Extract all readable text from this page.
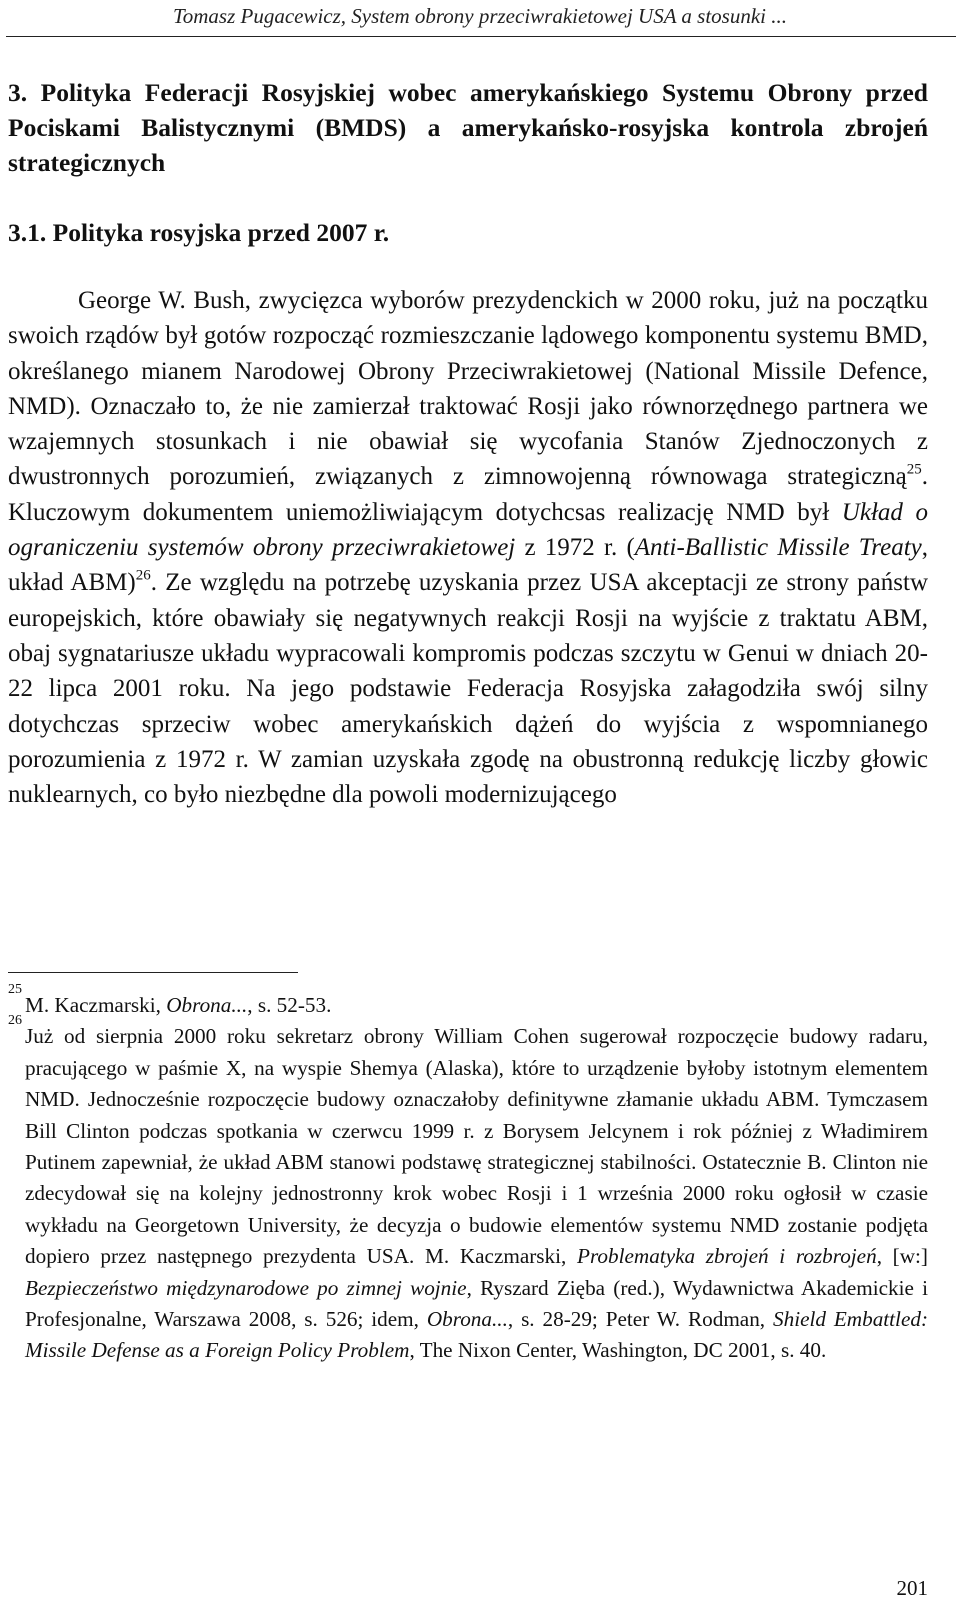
Tomasz Pugacewicz, System obrony przeciwrakietowej USA a stosunki ...
3. Polityka Federacji Rosyjskiej wobec amerykańskiego Systemu Obrony przed Pociskami Balistycznymi (BMDS) a amerykańsko-rosyjska kontrola zbrojeń strategicznych
3.1. Polityka rosyjska przed 2007 r.

George W. Bush, zwycięzca wyborów prezydenckich w 2000 roku, już na początku swoich rządów był gotów rozpocząć rozmieszczanie lądowego komponentu systemu BMD, określanego mianem Narodowej Obrony Przeciwrakietowej (National Missile Defence, NMD). Oznaczało to, że nie zamierzał traktować Rosji jako równorzędnego partnera we wzajemnych stosunkach i nie obawiał się wycofania Stanów Zjednoczonych z dwustronnych porozumień, związanych z zimnowojenną równowaga strategiczną$^{25}$. Kluczowym dokumentem uniemożliwiającym dotychcsas realizację NMD był Układ o ograniczeniu systemów obrony przeciwrakietowej z 1972 r. (Anti-Ballistic Missile Treaty, układ ABM)$^{26}$. Ze względu na potrzebę uzyskania przez USA akceptacji ze strony państw europejskich, które obawiały się negatywnych reakcji Rosji na wyjście z traktatu ABM, obaj sygnatariusze układu wypracowali kompromis podczas szczytu w Genui w dniach 20-22 lipca 2001 roku. Na jego podstawie Federacja Rosyjska załagodziła swój silny dotychczas sprzeciw wobec amerykańskich dążeń do wyjścia z wspomnianego porozumienia z 1972 r. W zamian uzyskała zgodę na obustronną redukcję liczby głowic nuklearnych, co było niezbędne dla powoli modernizującego

25
M. Kaczmarski, Obrona..., s. 52-53.

26
Już od sierpnia 2000 roku sekretarz obrony William Cohen sugerował rozpoczęcie budowy radaru, pracującego w paśmie X, na wyspie Shemya (Alaska), które to urządzenie byłoby istotnym elementem NMD. Jednocześnie rozpoczęcie budowy oznaczałoby definitywne złamanie układu ABM. Tymczasem Bill Clinton podczas spotkania w czerwcu 1999 r. z Borysem Jelcynem i rok później z Władimirem Putinem zapewniał, że układ ABM stanowi podstawę strategicznej stabilności. Ostatecznie B. Clinton nie zdecydował się na kolejny jednostronny krok wobec Rosji i 1 września 2000 roku ogłosił w czasie wykładu na Georgetown University, że decyzja o budowie elementów systemu NMD zostanie podjęta dopiero przez następnego prezydenta USA. M. Kaczmarski, Problematyka zbrojeń i rozbrojeń, [w:] Bezpieczeństwo międzynarodowe po zimnej wojnie, Ryszard Zięba (red.), Wydawnictwa Akademickie i Profesjonalne, Warszawa 2008, s. 526; idem, Obrona..., s. 28-29; Peter W. Rodman, Shield Embattled: Missile Defense as a Foreign Policy Problem, The Nixon Center, Washington, DC 2001, s. 40.

201
